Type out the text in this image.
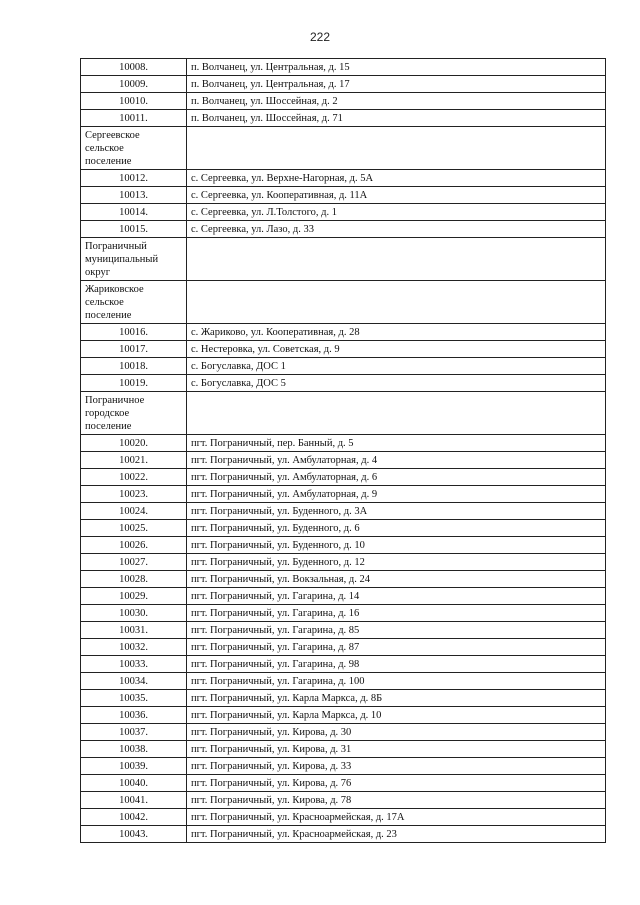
222
10008.	п. Волчанец, ул. Центральная, д. 15
10009.	п. Волчанец, ул. Центральная, д. 17
10010.	п. Волчанец, ул. Шоссейная, д. 2
10011.	п. Волчанец, ул. Шоссейная, д. 71

Сергеевское
сельское
поселение	

10012.	с. Сергеевка, ул. Верхне-Нагорная, д. 5А
10013.	с. Сергеевка, ул. Кооперативная, д. 11А
10014.	с. Сергеевка, ул. Л.Толстого, д. 1
10015.	с. Сергеевка, ул. Лазо, д. 33

Пограничный
муниципальный
округ	

Жариковское
сельское
поселение	

10016.	с. Жариково, ул. Кооперативная, д. 28
10017.	с. Нестеровка, ул. Советская, д. 9
10018.	с. Богуславка, ДОС 1
10019.	с. Богуславка, ДОС 5

Пограничное
городское
поселение	

10020.	пгт. Пограничный, пер. Банный, д. 5
10021.	пгт. Пограничный, ул. Амбулаторная, д. 4
10022.	пгт. Пограничный, ул. Амбулаторная, д. 6
10023.	пгт. Пограничный, ул. Амбулаторная, д. 9
10024.	пгт. Пограничный, ул. Буденного, д. 3А
10025.	пгт. Пограничный, ул. Буденного, д. 6
10026.	пгт. Пограничный, ул. Буденного, д. 10
10027.	пгт. Пограничный, ул. Буденного, д. 12
10028.	пгт. Пограничный, ул. Вокзальная, д. 24
10029.	пгт. Пограничный, ул. Гагарина, д. 14
10030.	пгт. Пограничный, ул. Гагарина, д. 16
10031.	пгт. Пограничный, ул. Гагарина, д. 85
10032.	пгт. Пограничный, ул. Гагарина, д. 87
10033.	пгт. Пограничный, ул. Гагарина, д. 98
10034.	пгт. Пограничный, ул. Гагарина, д. 100
10035.	пгт. Пограничный, ул. Карла Маркса, д. 8Б
10036.	пгт. Пограничный, ул. Карла Маркса, д. 10
10037.	пгт. Пограничный, ул. Кирова, д. 30
10038.	пгт. Пограничный, ул. Кирова, д. 31
10039.	пгт. Пограничный, ул. Кирова, д. 33
10040.	пгт. Пограничный, ул. Кирова, д. 76
10041.	пгт. Пограничный, ул. Кирова, д. 78
10042.	пгт. Пограничный, ул. Красноармейская, д. 17А
10043.	пгт. Пограничный, ул. Красноармейская, д. 23
